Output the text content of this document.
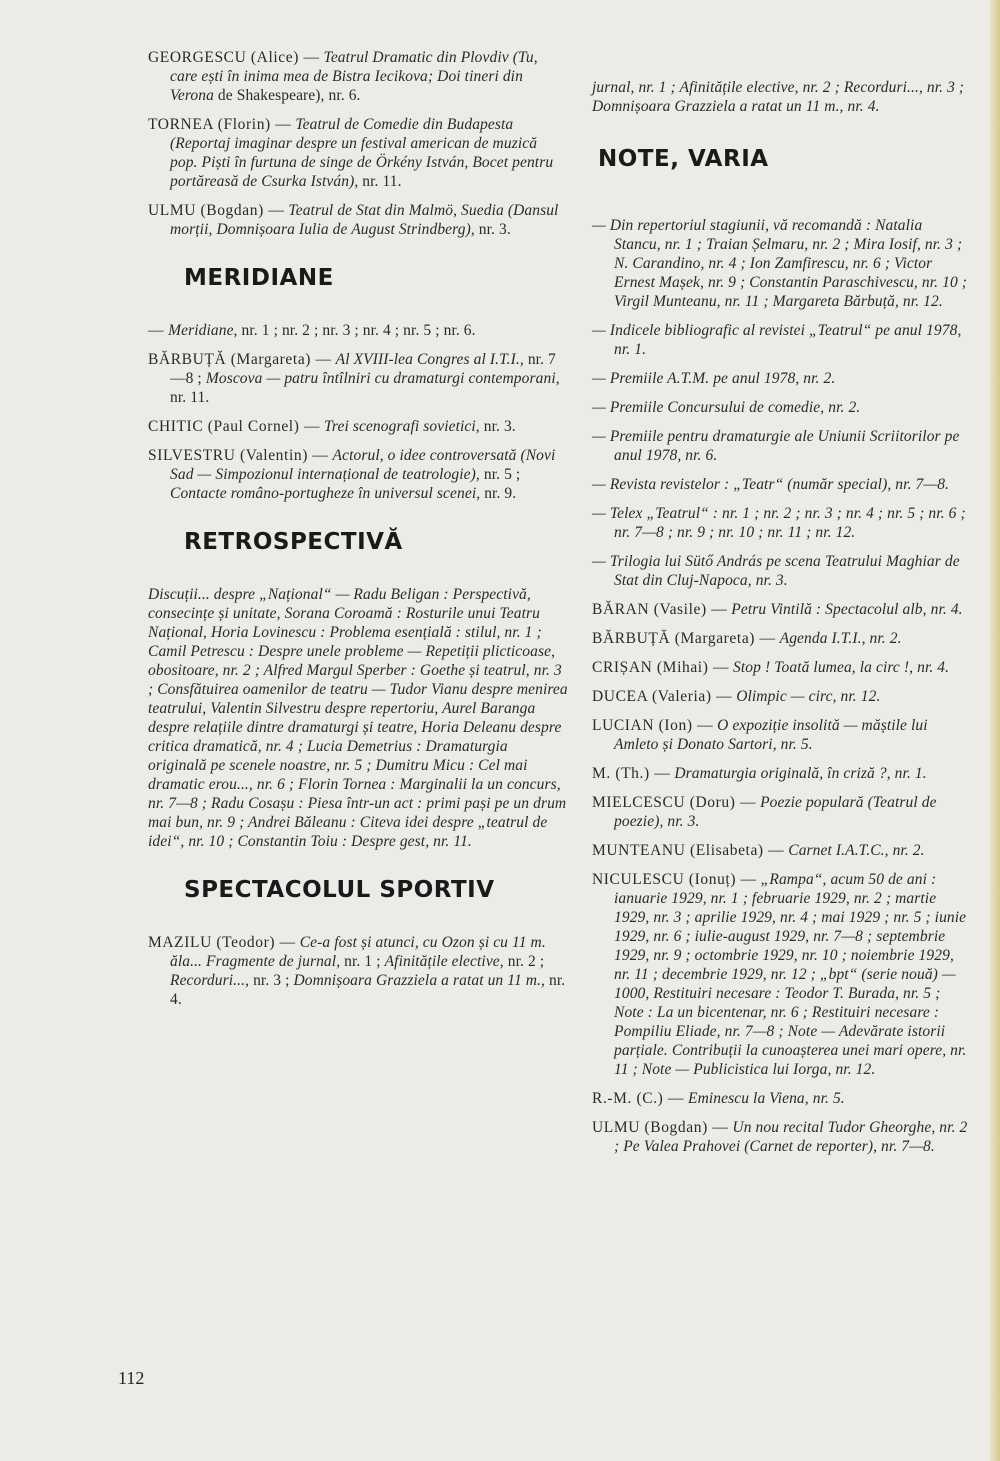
GEORGESCU (Alice) — Teatrul Dramatic din Plovdiv (Tu, care ești în inima mea de Bistra Iecikova; Doi tineri din Verona de Shakespeare), nr. 6.

TORNEA (Florin) — Teatrul de Comedie din Budapesta (Reportaj imaginar despre un festival american de muzică pop. Piști în furtuna de singe de Örkény István, Bocet pentru portăreasă de Csurka István), nr. 11.

ULMU (Bogdan) — Teatrul de Stat din Malmö, Suedia (Dansul morții, Domnișoara Iulia de August Strindberg), nr. 3.

MERIDIANE

— Meridiane, nr. 1 ; nr. 2 ; nr. 3 ; nr. 4 ; nr. 5 ; nr. 6.

BĂRBUȚĂ (Margareta) — Al XVIII-lea Congres al I.T.I., nr. 7—8 ; Moscova — patru întîlniri cu dramaturgi contemporani, nr. 11.

CHITIC (Paul Cornel) — Trei scenografi sovietici, nr. 3.

SILVESTRU (Valentin) — Actorul, o idee controversată (Novi Sad — Simpozionul internațional de teatrologie), nr. 5 ; Contacte româno-portugheze în universul scenei, nr. 9.

RETROSPECTIVĂ

Discuții... despre „Național“ — Radu Beligan : Perspectivă, consecințe și unitate, Sorana Coroamă : Rosturile unui Teatru Național, Horia Lovinescu : Problema esențială : stilul, nr. 1 ; Camil Petrescu : Despre unele probleme — Repetiții plicticoase, obositoare, nr. 2 ; Alfred Margul Sperber : Goethe și teatrul, nr. 3 ; Consfătuirea oamenilor de teatru — Tudor Vianu despre menirea teatrului, Valentin Silvestru despre repertoriu, Aurel Baranga despre relațiile dintre dramaturgi și teatre, Horia Deleanu despre critica dramatică, nr. 4 ; Lucia Demetrius : Dramaturgia originală pe scenele noastre, nr. 5 ; Dumitru Micu : Cel mai dramatic erou..., nr. 6 ; Florin Tornea : Marginalii la un concurs, nr. 7—8 ; Radu Cosașu : Piesa într-un act : primi pași pe un drum mai bun, nr. 9 ; Andrei Băleanu : Citeva idei despre „teatrul de idei“, nr. 10 ; Constantin Toiu : Despre gest, nr. 11.

SPECTACOLUL SPORTIV

MAZILU (Teodor) — Ce-a fost și atunci, cu Ozon și cu 11 m. ăla... Fragmente de jurnal, nr. 1 ; Afinitățile elective, nr. 2 ; Recorduri..., nr. 3 ; Domnișoara Grazziela a ratat un 11 m., nr. 4.

jurnal, nr. 1 ; Afinitățile elective, nr. 2 ; Recorduri..., nr. 3 ; Domnișoara Grazziela a ratat un 11 m., nr. 4.

NOTE, VARIA

— Din repertoriul stagiunii, vă recomandă : Natalia Stancu, nr. 1 ; Traian Șelmaru, nr. 2 ; Mira Iosif, nr. 3 ; N. Carandino, nr. 4 ; Ion Zamfirescu, nr. 6 ; Victor Ernest Mașek, nr. 9 ; Constantin Paraschivescu, nr. 10 ; Virgil Munteanu, nr. 11 ; Margareta Bărbuță, nr. 12.

— Indicele bibliografic al revistei „Teatrul“ pe anul 1978, nr. 1.

— Premiile A.T.M. pe anul 1978, nr. 2.

— Premiile Concursului de comedie, nr. 2.

— Premiile pentru dramaturgie ale Uniunii Scriitorilor pe anul 1978, nr. 6.

— Revista revistelor : „Teatr“ (număr special), nr. 7—8.

— Telex „Teatrul“ : nr. 1 ; nr. 2 ; nr. 3 ; nr. 4 ; nr. 5 ; nr. 6 ; nr. 7—8 ; nr. 9 ; nr. 10 ; nr. 11 ; nr. 12.

— Trilogia lui Sütő András pe scena Teatrului Maghiar de Stat din Cluj-Napoca, nr. 3.

BĂRAN (Vasile) — Petru Vintilă : Spectacolul alb, nr. 4.

BĂRBUȚĂ (Margareta) — Agenda I.T.I., nr. 2.

CRIȘAN (Mihai) — Stop ! Toată lumea, la circ !, nr. 4.

DUCEA (Valeria) — Olimpic — circ, nr. 12.

LUCIAN (Ion) — O expoziție insolită — măștile lui Amleto și Donato Sartori, nr. 5.

M. (Th.) — Dramaturgia originală, în criză ?, nr. 1.

MIELCESCU (Doru) — Poezie populară (Teatrul de poezie), nr. 3.

MUNTEANU (Elisabeta) — Carnet I.A.T.C., nr. 2.

NICULESCU (Ionuț) — „Rampa“, acum 50 de ani : ianuarie 1929, nr. 1 ; februarie 1929, nr. 2 ; martie 1929, nr. 3 ; aprilie 1929, nr. 4 ; mai 1929 ; nr. 5 ; iunie 1929, nr. 6 ; iulie-august 1929, nr. 7—8 ; septembrie 1929, nr. 9 ; octombrie 1929, nr. 10 ; noiembrie 1929, nr. 11 ; decembrie 1929, nr. 12 ; „bpt“ (serie nouă) — 1000, Restituiri necesare : Teodor T. Burada, nr. 5 ; Note : La un bicentenar, nr. 6 ; Restituiri necesare : Pompiliu Eliade, nr. 7—8 ; Note — Adevărate istorii parțiale. Contribuții la cunoașterea unei mari opere, nr. 11 ; Note — Publicistica lui Iorga, nr. 12.

R.-M. (C.) — Eminescu la Viena, nr. 5.

ULMU (Bogdan) — Un nou recital Tudor Gheorghe, nr. 2 ; Pe Valea Prahovei (Carnet de reporter), nr. 7—8.

112
